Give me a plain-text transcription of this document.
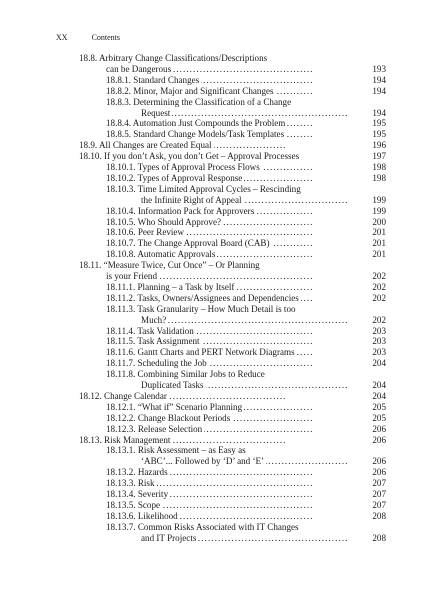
XX	Contents
18.8. Arbitrary Change Classifications/Descriptions
. . .
can be Dangerous	193
. . .
18.8.1. Standard Changes	194
. . .
18.8.2. Minor, Major and Significant Changes	194
18.8.3. Determining the Classification of a Change
. . .
Request	194
. . .
18.8.4. Automation Just Compounds the Problem	195
. . .
18.8.5. Standard Change Models/Task Templates	195
. . .
18.9. All Changes are Created Equal	196
. . .
18.10. If you don’t Ask, you don’t Get – Approval Processes	197
. . .
18.10.1. Types of Approval Process Flows	198
. . .
18.10.2. Types of Approval Response	198
18.10.3. Time Limited Approval Cycles – Rescinding
. . .
the Infinite Right of Appeal	199
. . .
18.10.4. Information Pack for Approvers	199
. . .
18.10.5. Who Should Approve?	200
. . .
18.10.6. Peer Review	201
. . .
18.10.7. The Change Approval Board (CAB)	201
. . .
18.10.8. Automatic Approvals	201
18.11. “Measure Twice, Cut Once” – Or Planning
. . .
is your Friend	202
. . .
18.11.1. Planning – a Task by Itself	202
. . .
18.11.2. Tasks, Owners/Assignees and Dependencies	202
18.11.3. Task Granularity – How Much Detail is too
. . .
Much?	202
. . .
18.11.4. Task Validation	203
. . .
18.11.5. Task Assignment	203
. . .
18.11.6. Gantt Charts and PERT Network Diagrams	203
. . .
18.11.7. Scheduling the Job	204
18.11.8. Combining Similar Jobs to Reduce
. . .
Duplicated Tasks	204
. . .
18.12. Change Calendar	204
. . .
18.12.1. “What if” Scenario Planning	205
. . .
18.12.2. Change Blackout Periods	205
. . .
18.12.3. Release Selection	206
. . .
18.13. Risk Management	206
18.13.1. Risk Assessment – as Easy as
. . .
‘ABC’... Followed by ‘D’ and ‘E’	206
. . .
18.13.2. Hazards	206
. . .
18.13.3. Risk	207
. . .
18.13.4. Severity	207
. . .
18.13.5. Scope	207
. . .
18.13.6. Likelihood	208
18.13.7. Common Risks Associated with IT Changes
. . .
and IT Projects	208
